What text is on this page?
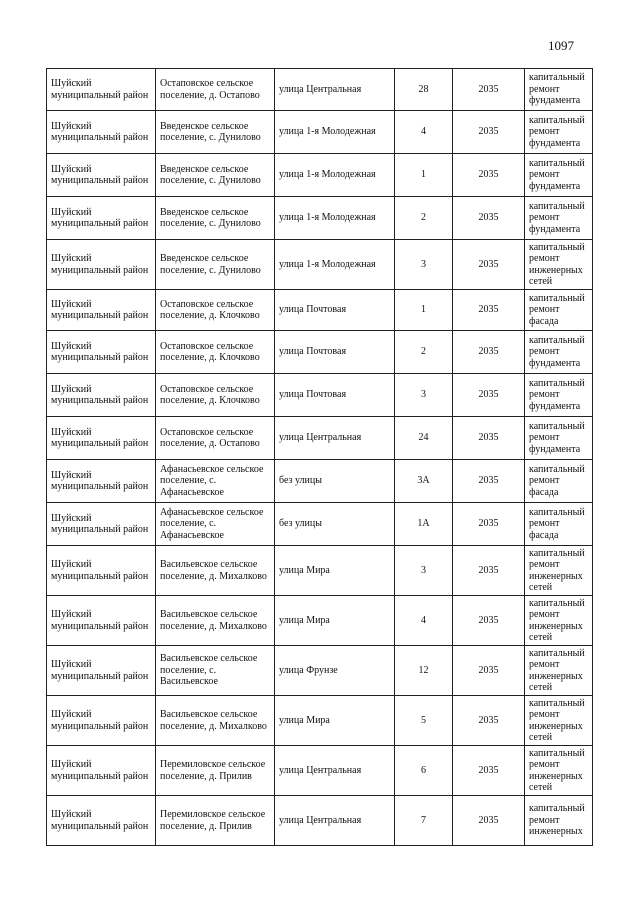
1097
Шуйский муниципальный район	Остаповское сельское поселение, д. Остапово	улица Центральная	28	2035	капитальный ремонт фундамента
Шуйский муниципальный район	Введенское сельское поселение, с. Дунилово	улица 1-я Молодежная	4	2035	капитальный ремонт фундамента
Шуйский муниципальный район	Введенское сельское поселение, с. Дунилово	улица 1-я Молодежная	1	2035	капитальный ремонт фундамента
Шуйский муниципальный район	Введенское сельское поселение, с. Дунилово	улица 1-я Молодежная	2	2035	капитальный ремонт фундамента
Шуйский муниципальный район	Введенское сельское поселение, с. Дунилово	улица 1-я Молодежная	3	2035	капитальный ремонт инженерных сетей
Шуйский муниципальный район	Остаповское сельское поселение, д. Клочково	улица Почтовая	1	2035	капитальный ремонт фасада
Шуйский муниципальный район	Остаповское сельское поселение, д. Клочково	улица Почтовая	2	2035	капитальный ремонт фундамента
Шуйский муниципальный район	Остаповское сельское поселение, д. Клочково	улица Почтовая	3	2035	капитальный ремонт фундамента
Шуйский муниципальный район	Остаповское сельское поселение, д. Остапово	улица Центральная	24	2035	капитальный ремонт фундамента
Шуйский муниципальный район	Афанасьевское сельское поселение, с. Афанасьевское	без улицы	3А	2035	капитальный ремонт фасада
Шуйский муниципальный район	Афанасьевское сельское поселение, с. Афанасьевское	без улицы	1А	2035	капитальный ремонт фасада
Шуйский муниципальный район	Васильевское сельское поселение, д. Михалково	улица Мира	3	2035	капитальный ремонт инженерных сетей
Шуйский муниципальный район	Васильевское сельское поселение, д. Михалково	улица Мира	4	2035	капитальный ремонт инженерных сетей
Шуйский муниципальный район	Васильевское сельское поселение, с. Васильевское	улица Фрунзе	12	2035	капитальный ремонт инженерных сетей
Шуйский муниципальный район	Васильевское сельское поселение, д. Михалково	улица Мира	5	2035	капитальный ремонт инженерных сетей
Шуйский муниципальный район	Перемиловское сельское поселение, д. Прилив	улица Центральная	6	2035	капитальный ремонт инженерных сетей
Шуйский муниципальный район	Перемиловское сельское поселение, д. Прилив	улица Центральная	7	2035	капитальный ремонт инженерных
